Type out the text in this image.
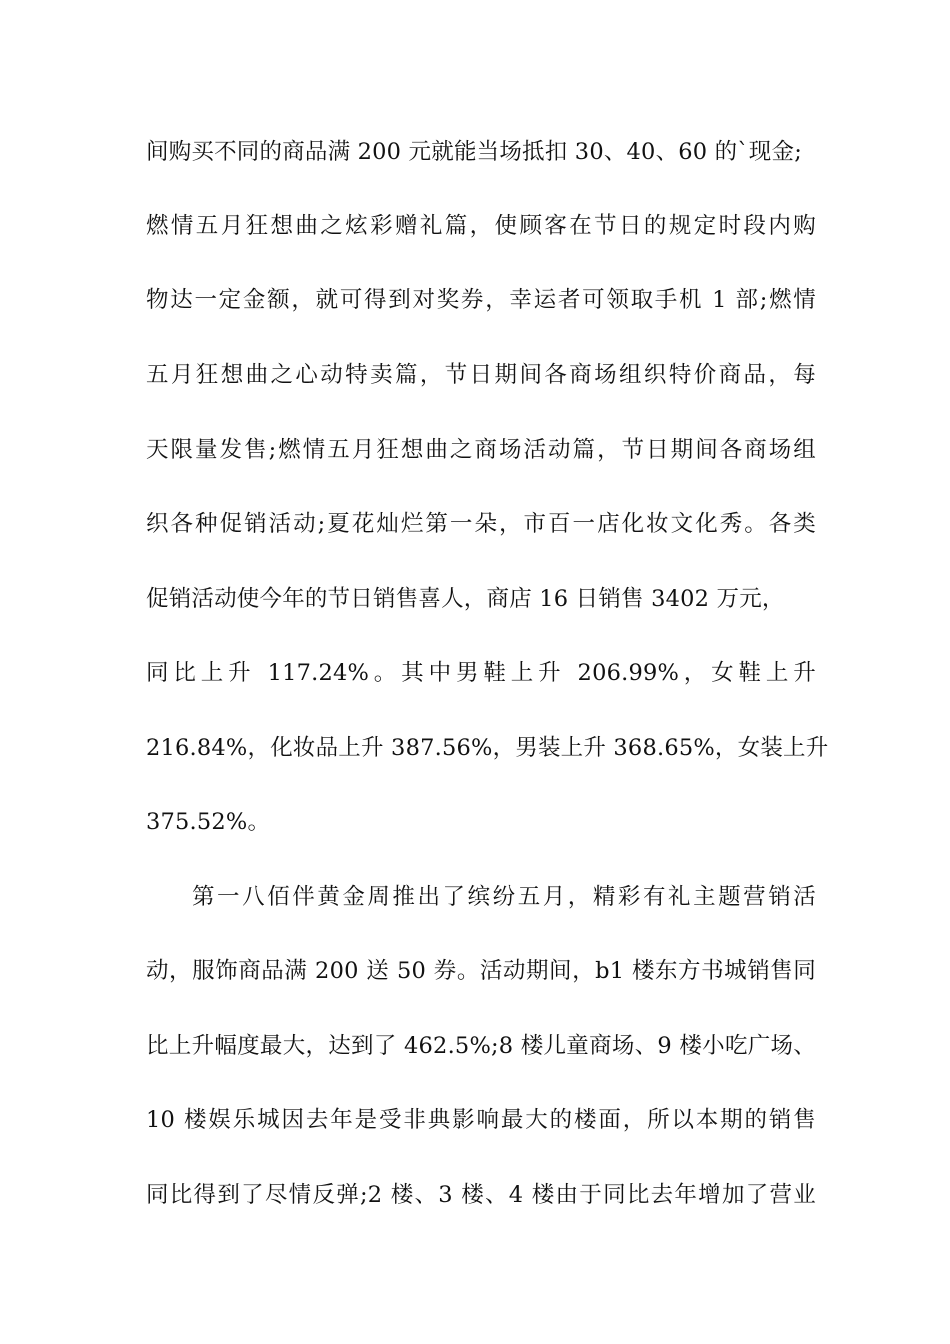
间购买不同的商品满 200 元就能当场抵扣 30、40、60 的`现金;
燃情五月狂想曲之炫彩赠礼篇，使顾客在节日的规定时段内购
物达一定金额，就可得到对奖券，幸运者可领取手机 1 部;燃情
五月狂想曲之心动特卖篇，节日期间各商场组织特价商品，每
天限量发售;燃情五月狂想曲之商场活动篇，节日期间各商场组
织各种促销活动;夏花灿烂第一朵，市百一店化妆文化秀。各类
促销活动使今年的节日销售喜人，商店 16 日销售 3402 万元，
同比上升 117.24%。其中男鞋上升 206.99%，女鞋上升
216.84%，化妆品上升 387.56%，男装上升 368.65%，女装上升
375.52%。
第一八佰伴黄金周推出了缤纷五月，精彩有礼主题营销活
动，服饰商品满 200 送 50 券。活动期间，b1 楼东方书城销售同
比上升幅度最大，达到了 462.5%;8 楼儿童商场、9 楼小吃广场、
10 楼娱乐城因去年是受非典影响最大的楼面，所以本期的销售
同比得到了尽情反弹;2 楼、3 楼、4 楼由于同比去年增加了营业
